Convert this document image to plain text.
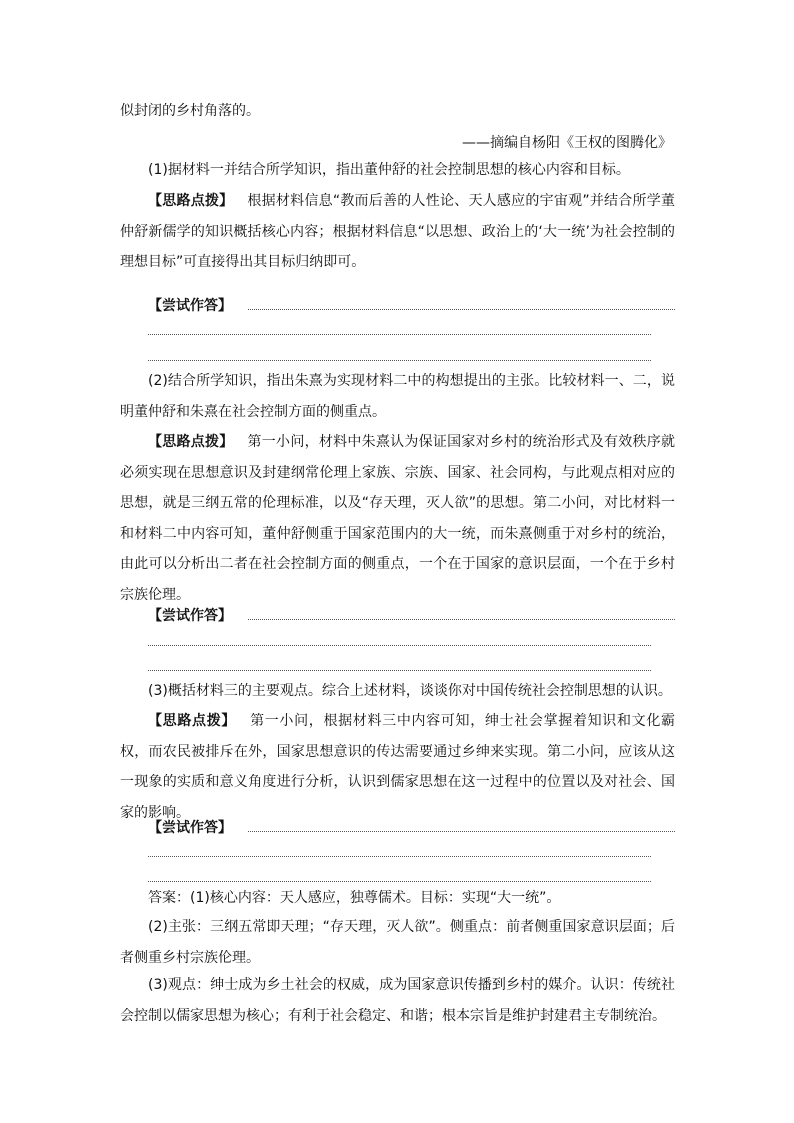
似封闭的乡村角落的。

——摘编自杨阳《王权的图腾化》

(1)据材料一并结合所学知识，指出董仲舒的社会控制思想的核心内容和目标。

【思路点拨】 根据材料信息“教而后善的人性论、天人感应的宇宙观”并结合所学董仲舒新儒学的知识概括核心内容；根据材料信息“以思想、政治上的‘大一统’为社会控制的理想目标”可直接得出其目标归纳即可。

【尝试作答】

(2)结合所学知识，指出朱熹为实现材料二中的构想提出的主张。比较材料一、二，说明董仲舒和朱熹在社会控制方面的侧重点。

【思路点拨】 第一小问，材料中朱熹认为保证国家对乡村的统治形式及有效秩序就必须实现在思想意识及封建纲常伦理上家族、宗族、国家、社会同构，与此观点相对应的思想，就是三纲五常的伦理标准，以及“存天理，灭人欲”的思想。第二小问，对比材料一和材料二中内容可知，董仲舒侧重于国家范围内的大一统，而朱熹侧重于对乡村的统治，由此可以分析出二者在社会控制方面的侧重点，一个在于国家的意识层面，一个在于乡村宗族伦理。

【尝试作答】

(3)概括材料三的主要观点。综合上述材料，谈谈你对中国传统社会控制思想的认识。

【思路点拨】 第一小问，根据材料三中内容可知，绅士社会掌握着知识和文化霸权，而农民被排斥在外，国家思想意识的传达需要通过乡绅来实现。第二小问，应该从这一现象的实质和意义角度进行分析，认识到儒家思想在这一过程中的位置以及对社会、国家的影响。

【尝试作答】

答案：(1)核心内容：天人感应，独尊儒术。目标：实现“大一统”。

(2)主张：三纲五常即天理；“存天理，灭人欲”。侧重点：前者侧重国家意识层面；后者侧重乡村宗族伦理。

(3)观点：绅士成为乡土社会的权威，成为国家意识传播到乡村的媒介。认识：传统社会控制以儒家思想为核心；有利于社会稳定、和谐；根本宗旨是维护封建君主专制统治。
